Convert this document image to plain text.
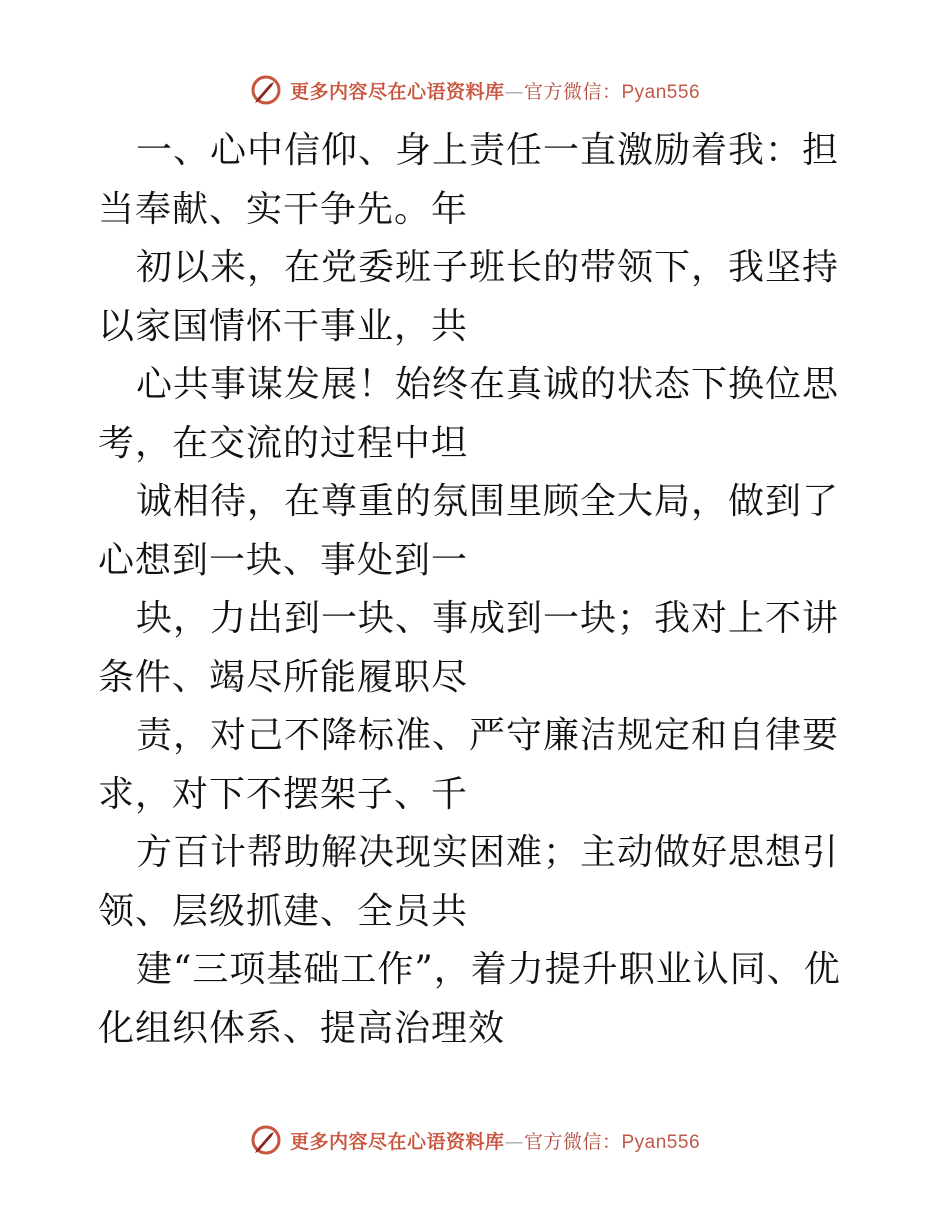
更多内容尽在心语资料库—官方微信：Pyan556

一、心中信仰、身上责任一直激励着我：担当奉献、实干争先。年

初以来，在党委班子班长的带领下，我坚持以家国情怀干事业，共

心共事谋发展！始终在真诚的状态下换位思考，在交流的过程中坦

诚相待，在尊重的氛围里顾全大局，做到了心想到一块、事处到一

块，力出到一块、事成到一块；我对上不讲条件、竭尽所能履职尽

责，对己不降标准、严守廉洁规定和自律要求，对下不摆架子、千

方百计帮助解决现实困难；主动做好思想引领、层级抓建、全员共

建“三项基础工作”，着力提升职业认同、优化组织体系、提高治理效

更多内容尽在心语资料库—官方微信：Pyan556
